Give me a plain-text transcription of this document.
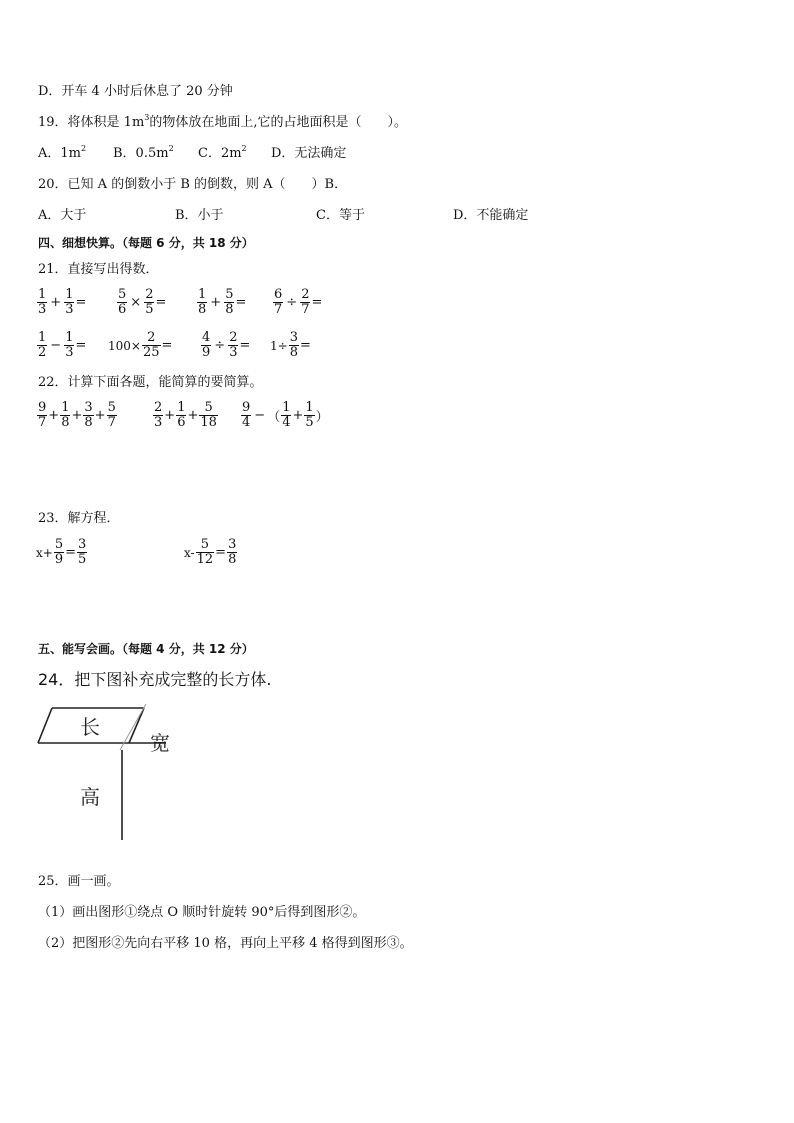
D．开车 4 小时后休息了 20 分钟
19．将体积是 $1m^3$的物体放在地面上,它的占地面积是（　　）。
A．$1m^2$ B．$0.5m^2$ C．$2m^2$ D．无法确定
20．已知 A 的倒数小于 B 的倒数，则 A（　　）B．
A．大于	B．小于	C．等于	D．不能确定
四、细想快算。（每题 6 分，共 18 分）
21．直接写出得数．
$\frac{1}{3} + \frac{1}{3} = \frac{5}{6} \times \frac{2}{5} = \frac{1}{8} + \frac{5}{8} = \frac{6}{7} \div \frac{2}{7}$ =
$\frac{1}{2} - \frac{1}{3} = 100\times \frac{2}{25} = \frac{4}{9} \div \frac{2}{3} = 1\div \frac{3}{8}$ =
22．计算下面各题，能简算的要简算。
$\frac{9}{7} + \frac{1}{8} + \frac{3}{8} + \frac{5}{7}$	$\frac{2}{3} + \frac{1}{6} + \frac{5}{18} \frac{9}{4}$ − （ $\frac{1}{4} + \frac{1}{5}$ ）
23．解方程．
$x+ \frac{5}{9} = \frac{3}{5}$	$x- \frac{5}{12} = \frac{3}{8}$
五、能写会画。（每题 4 分，共 12 分）
24．把下图补充成完整的长方体.
长
宽
高
25．画一画。
（1）画出图形①绕点 O 顺时针旋转 90°后得到图形②。
（2）把图形②先向右平移 10 格，再向上平移 4 格得到图形③。
